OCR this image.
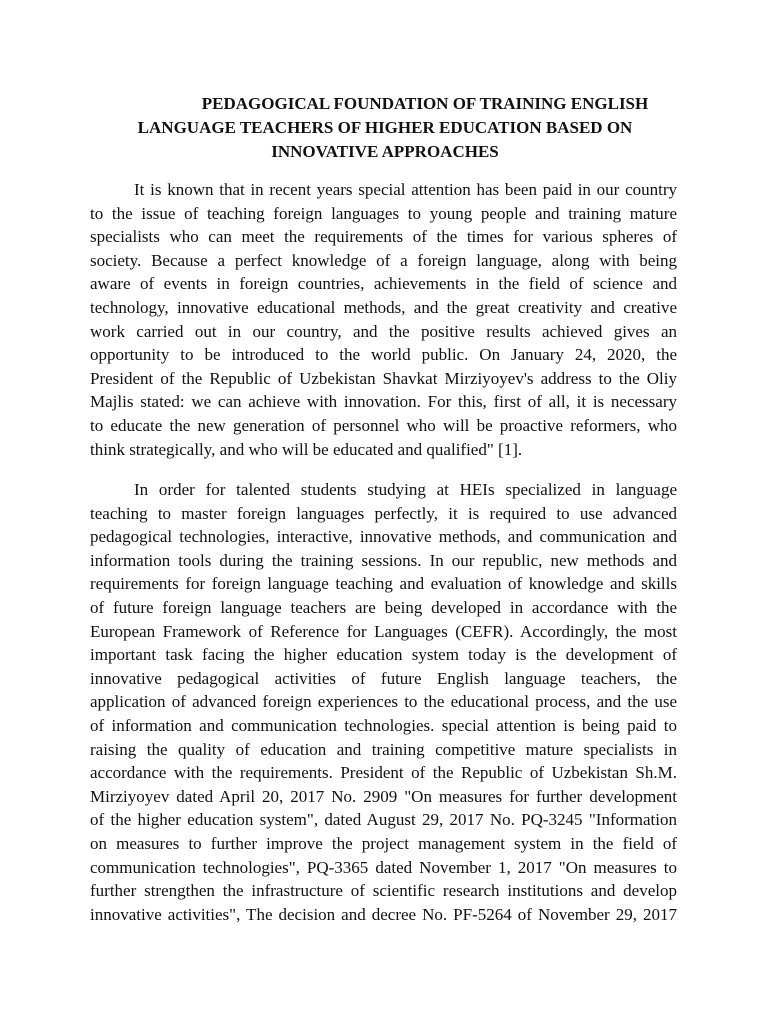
PEDAGOGICAL FOUNDATION OF TRAINING ENGLISH
LANGUAGE TEACHERS OF HIGHER EDUCATION BASED ON
INNOVATIVE APPROACHES
It is known that in recent years special attention has been paid in our country
to the issue of teaching foreign languages to young people and training mature
specialists who can meet the requirements of the times for various spheres of
society. Because a perfect knowledge of a foreign language, along with being
aware of events in foreign countries, achievements in the field of science and
technology, innovative educational methods, and the great creativity and creative
work carried out in our country, and the positive results achieved gives an
opportunity to be introduced to the world public. On January 24, 2020, the
President of the Republic of Uzbekistan Shavkat Mirziyoyev's address to the Oliy
Majlis stated: we can achieve with innovation. For this, first of all, it is necessary
to educate the new generation of personnel who will be proactive reformers, who
think strategically, and who will be educated and qualified" [1].
In order for talented students studying at HEIs specialized in language
teaching to master foreign languages perfectly, it is required to use advanced
pedagogical technologies, interactive, innovative methods, and communication and
information tools during the training sessions. In our republic, new methods and
requirements for foreign language teaching and evaluation of knowledge and skills
of future foreign language teachers are being developed in accordance with the
European Framework of Reference for Languages (CEFR). Accordingly, the most
important task facing the higher education system today is the development of
innovative pedagogical activities of future English language teachers, the
application of advanced foreign experiences to the educational process, and the use
of information and communication technologies. special attention is being paid to
raising the quality of education and training competitive mature specialists in
accordance with the requirements. President of the Republic of Uzbekistan Sh.M.
Mirziyoyev dated April 20, 2017 No. 2909 "On measures for further development
of the higher education system", dated August 29, 2017 No. PQ-3245 "Information
on measures to further improve the project management system in the field of
communication technologies", PQ-3365 dated November 1, 2017 "On measures to
further strengthen the infrastructure of scientific research institutions and develop
innovative activities", The decision and decree No. PF-5264 of November 29, 2017
